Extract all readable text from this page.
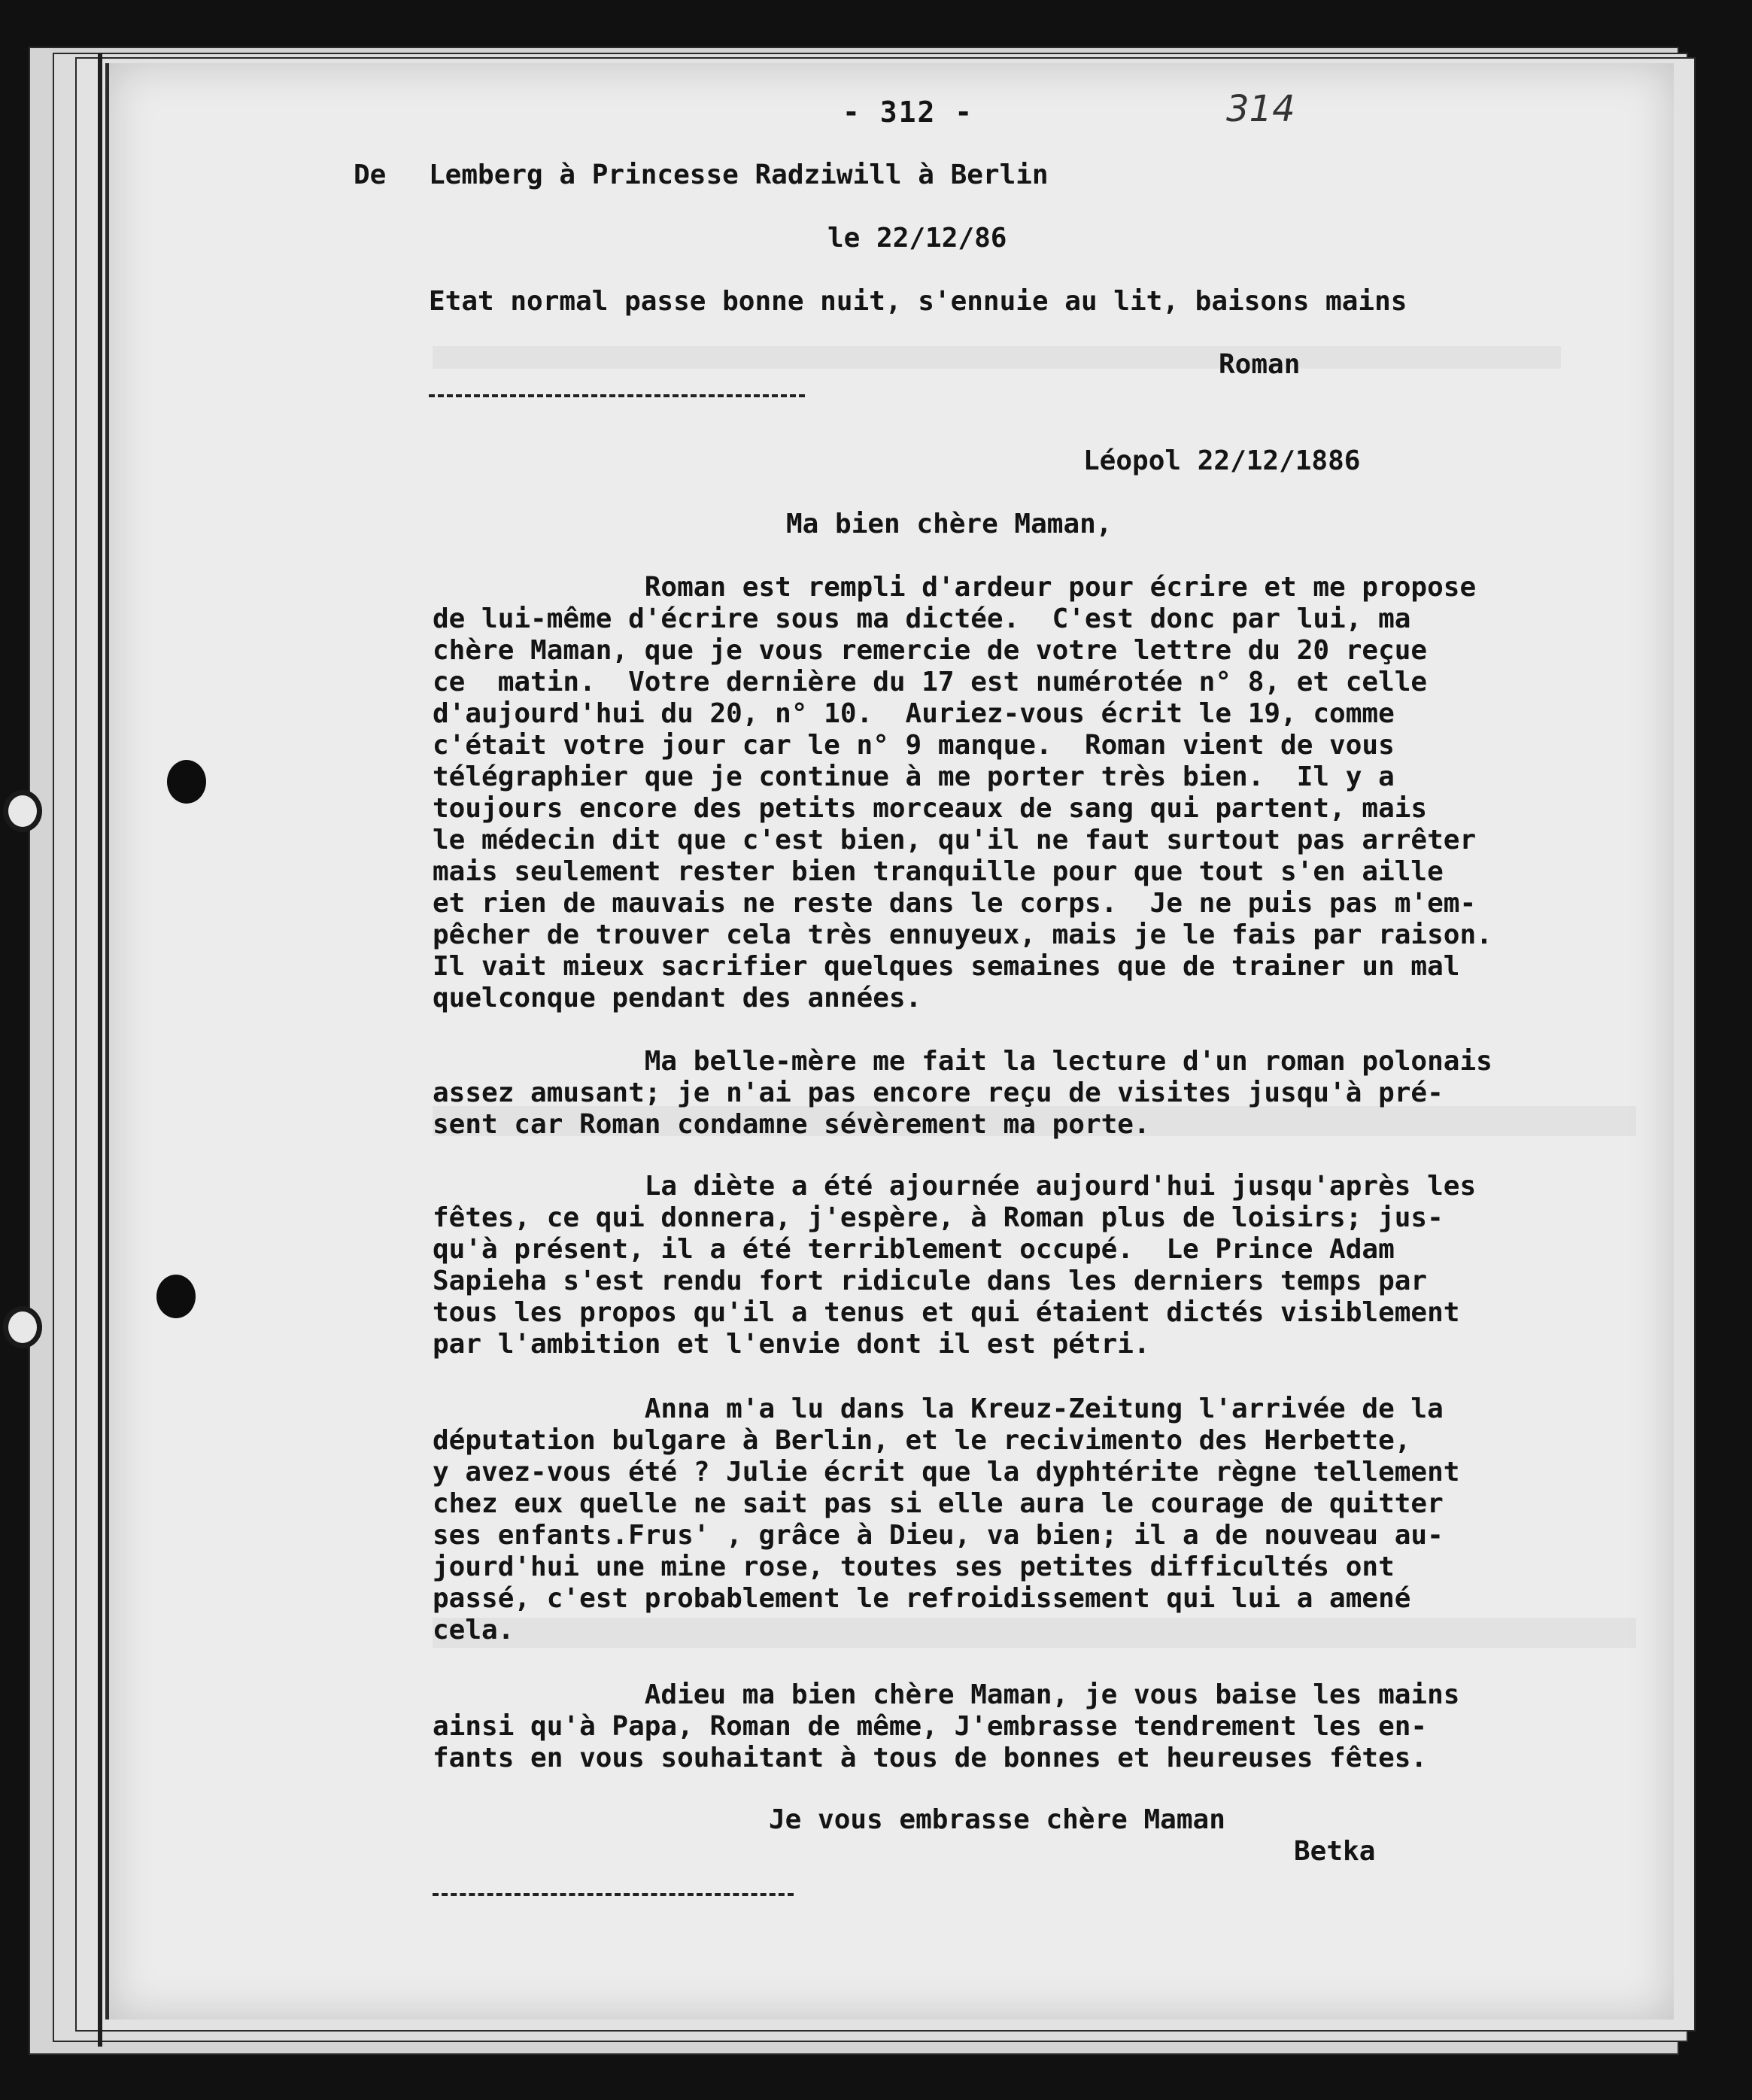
- 312 -	314
De Lemberg à Princesse Radziwill à Berlin
le 22/12/86
Etat normal passe bonne nuit, s'ennuie au lit, baisons mains
Roman
Léopol 22/12/1886
Ma bien chère Maman,
Roman est rempli d'ardeur pour écrire et me propose
de lui-même d'écrire sous ma dictée.  C'est donc par lui, ma
chère Maman, que je vous remercie de votre lettre du 20 reçue
ce  matin.  Votre dernière du 17 est numérotée n° 8, et celle
d'aujourd'hui du 20, n° 10.  Auriez-vous écrit le 19, comme
c'était votre jour car le n° 9 manque.  Roman vient de vous
télégraphier que je continue à me porter très bien.  Il y a
toujours encore des petits morceaux de sang qui partent, mais
le médecin dit que c'est bien, qu'il ne faut surtout pas arrêter
mais seulement rester bien tranquille pour que tout s'en aille
et rien de mauvais ne reste dans le corps.  Je ne puis pas m'em-
pêcher de trouver cela très ennuyeux, mais je le fais par raison.
Il vait mieux sacrifier quelques semaines que de trainer un mal
quelconque pendant des années.
Ma belle-mère me fait la lecture d'un roman polonais
assez amusant; je n'ai pas encore reçu de visites jusqu'à pré-
sent car Roman condamne sévèrement ma porte.
La diète a été ajournée aujourd'hui jusqu'après les
fêtes, ce qui donnera, j'espère, à Roman plus de loisirs; jus-
qu'à présent, il a été terriblement occupé.  Le Prince Adam
Sapieha s'est rendu fort ridicule dans les derniers temps par
tous les propos qu'il a tenus et qui étaient dictés visiblement
par l'ambition et l'envie dont il est pétri.
Anna m'a lu dans la Kreuz-Zeitung l'arrivée de la
députation bulgare à Berlin, et le recivimento des Herbette,
y avez-vous été ? Julie écrit que la dyphtérite règne tellement
chez eux quelle ne sait pas si elle aura le courage de quitter
ses enfants.Frus' , grâce à Dieu, va bien; il a de nouveau au-
jourd'hui une mine rose, toutes ses petites difficultés ont
passé, c'est probablement le refroidissement qui lui a amené
cela.
Adieu ma bien chère Maman, je vous baise les mains
ainsi qu'à Papa, Roman de même, J'embrasse tendrement les en-
fants en vous souhaitant à tous de bonnes et heureuses fêtes.
Je vous embrasse chère Maman
Betka
